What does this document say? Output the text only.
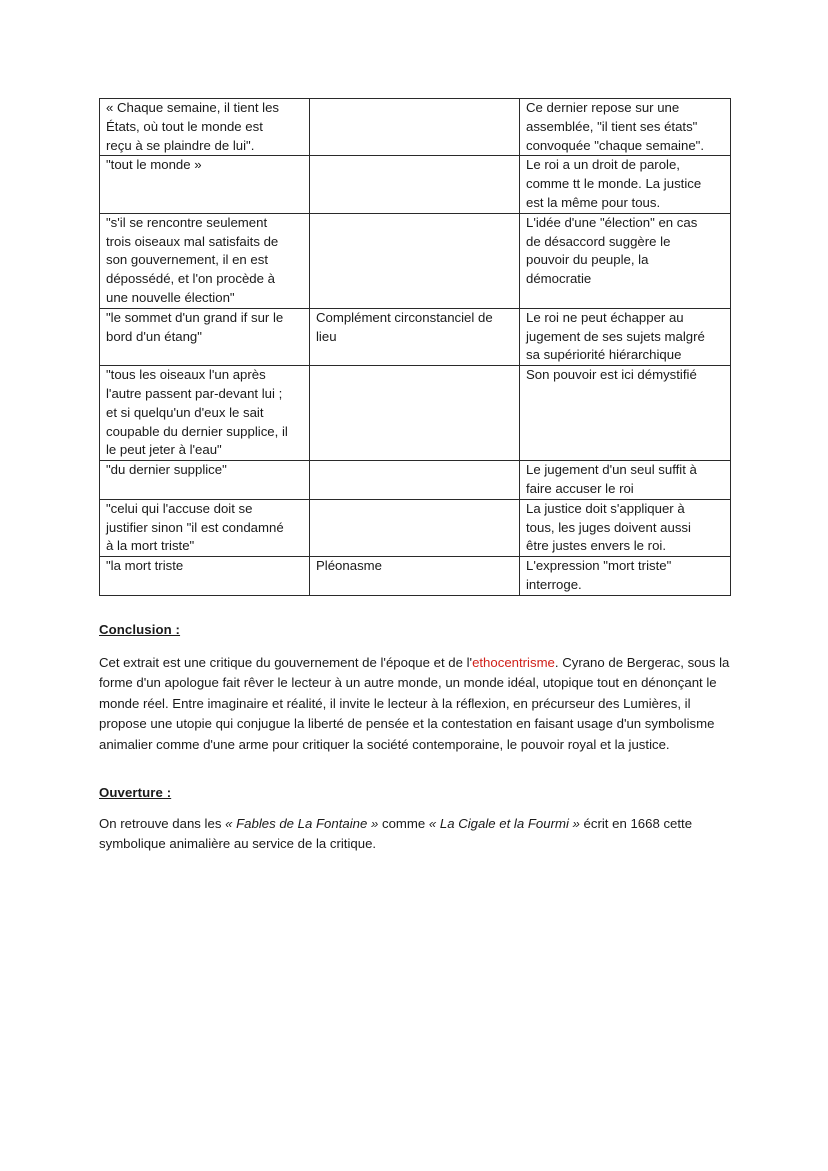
« Chaque semaine, il tient les
États, où tout le monde est
reçu à se plaindre de lui".		Ce dernier repose sur une
assemblée, "il tient ses états"
convoquée "chaque semaine".
"tout le monde »		Le roi a un droit de parole,
comme tt le monde. La justice
est la même pour tous.
"s'il se rencontre seulement
trois oiseaux mal satisfaits de
son gouvernement, il en est
dépossédé, et l'on procède à
une nouvelle élection"		L'idée d'une "élection" en cas
de désaccord suggère le
pouvoir du peuple, la
démocratie
"le sommet d'un grand if sur le
bord d'un étang"	Complément circonstanciel de
lieu	Le roi ne peut échapper au
jugement de ses sujets malgré
sa supériorité hiérarchique
"tous les oiseaux l'un après
l'autre passent par-devant lui ;
et si quelqu'un d'eux le sait
coupable du dernier supplice, il
le peut jeter à l'eau"		Son pouvoir est ici démystifié
"du dernier supplice"		Le jugement d'un seul suffit à
faire accuser le roi
"celui qui l'accuse doit se
justifier sinon "il est condamné
à la mort triste"		La justice doit s'appliquer à
tous, les juges doivent aussi
être justes envers le roi.
"la mort triste	Pléonasme	L'expression "mort triste"
interroge.
Conclusion :
Cet extrait est une critique du gouvernement de l'époque et de l'ethocentrisme. Cyrano de Bergerac, sous la forme d'un apologue fait rêver le lecteur à un autre monde, un monde idéal, utopique tout en dénonçant le monde réel. Entre imaginaire et réalité, il invite le lecteur à la réflexion, en précurseur des Lumières, il propose une utopie qui conjugue la liberté de pensée et la contestation en faisant usage d'un symbolisme animalier comme d'une arme pour critiquer la société contemporaine, le pouvoir royal et la justice.
Ouverture :
On retrouve dans les « Fables de La Fontaine » comme « La Cigale et la Fourmi » écrit en 1668 cette symbolique animalière au service de la critique.
